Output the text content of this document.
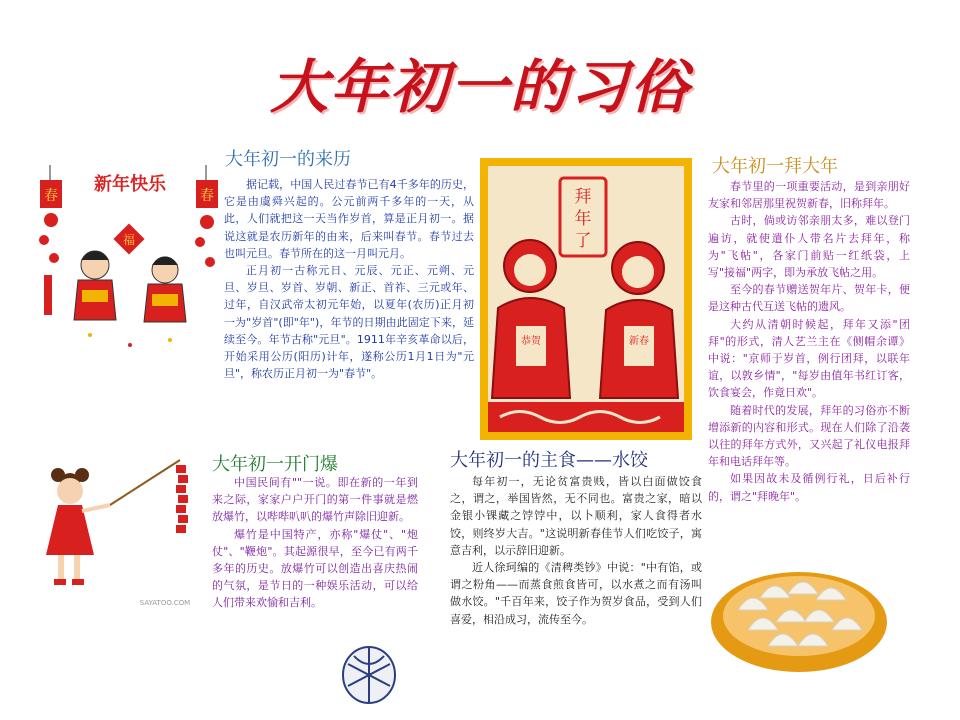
大年初一的习俗
春	春
新年快乐
福
大年初一的来历

据记载，中国人民过春节已有4千多年的历史，它是由虞舜兴起的。公元前两千多年的一天，从此，人们就把这一天当作岁首，算是正月初一。据说这就是农历新年的由来，后来叫春节。春节过去也叫元旦。春节所在的这一月叫元月。

正月初一古称元日、元辰、元正、元朔、元旦、岁旦、岁首、岁朝、新正、首祚、三元或年、过年，自汉武帝太初元年始，以夏年(农历)正月初一为"岁首"(即"年")，年节的日期由此固定下来，延续至今。年节古称"元旦"。1911年辛亥革命以后，开始采用公历(阳历)计年，遂称公历1月1日为"元旦"，称农历正月初一为"春节"。

拜
年
了
恭贺	新春
大年初一拜大年

春节里的一项重要活动，是到亲朋好友家和邻居那里祝贺新春，旧称拜年。

古时，倘或访邻亲朋太多，难以登门遍访，就使遣仆人带名片去拜年，称为"飞帖"，各家门前贴一红纸袋，上写"接福"两字，即为承放飞帖之用。

至今的春节赠送贺年片、贺年卡，便是这种古代互送飞帖的遗风。

大约从清朝时候起，拜年又添"团拜"的形式，清人艺兰主在《侧帽余谭》中说："京师于岁首，例行团拜，以联年谊，以敦乡情"，"每岁由值年书红订客，饮食宴会，作竟日欢"。

随着时代的发展，拜年的习俗亦不断增添新的内容和形式。现在人们除了沿袭以往的拜年方式外，又兴起了礼仪电报拜年和电话拜年等。

如果因故未及循例行礼，日后补行的，谓之"拜晚年"。

SAYATOO.COM
大年初一开门爆

中国民间有""一说。即在新的一年到来之际，家家户户开门的第一件事就是燃放爆竹，以哔哔叭叭的爆竹声除旧迎新。

爆竹是中国特产，亦称"爆仗"、"炮仗"、"鞭炮"。其起源很早，至今已有两千多年的历史。放爆竹可以创造出喜庆热闹的气氛，是节日的一种娱乐活动，可以给人们带来欢愉和吉利。

大年初一的主食——水饺

每年初一，无论贫富贵贱，皆以白面做饺食之，谓之，举国皆然，无不同也。富贵之家，暗以金银小锞藏之饽饽中，以卜顺利，家人食得者水饺，则终岁大吉。"这说明新春佳节人们吃饺子，寓意吉利，以示辞旧迎新。

近人徐珂编的《清稗类钞》中说："中有馅，或谓之粉角——而蒸食煎食皆可，以水煮之而有汤叫做水饺。"千百年来，饺子作为贺岁食品，受到人们喜爱，相沿成习，流传至今。
